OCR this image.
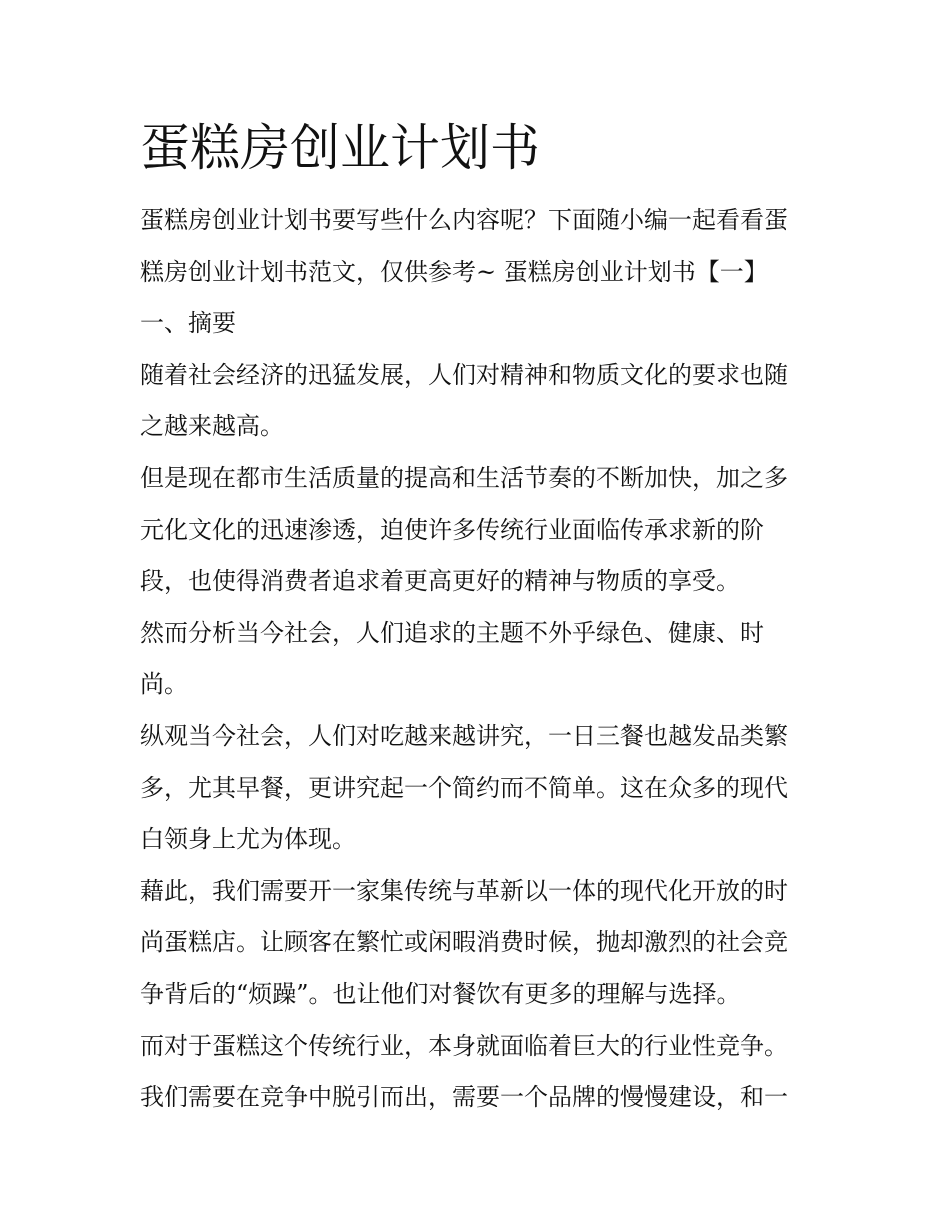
蛋糕房创业计划书
蛋糕房创业计划书要写些什么内容呢？下面随小编一起看看蛋
糕房创业计划书范文，仅供参考~ 蛋糕房创业计划书【一】
一、摘要
随着社会经济的迅猛发展，人们对精神和物质文化的要求也随
之越来越高。
但是现在都市生活质量的提高和生活节奏的不断加快，加之多
元化文化的迅速渗透，迫使许多传统行业面临传承求新的阶
段，也使得消费者追求着更高更好的精神与物质的享受。
然而分析当今社会，人们追求的主题不外乎绿色、健康、时
尚。
纵观当今社会，人们对吃越来越讲究，一日三餐也越发品类繁
多，尤其早餐，更讲究起一个简约而不简单。这在众多的现代
白领身上尤为体现。
藉此，我们需要开一家集传统与革新以一体的现代化开放的时
尚蛋糕店。让顾客在繁忙或闲暇消费时候，抛却激烈的社会竞
争背后的“烦躁”。也让他们对餐饮有更多的理解与选择。
而对于蛋糕这个传统行业，本身就面临着巨大的行业性竞争。
我们需要在竞争中脱引而出，需要一个品牌的慢慢建设，和一
